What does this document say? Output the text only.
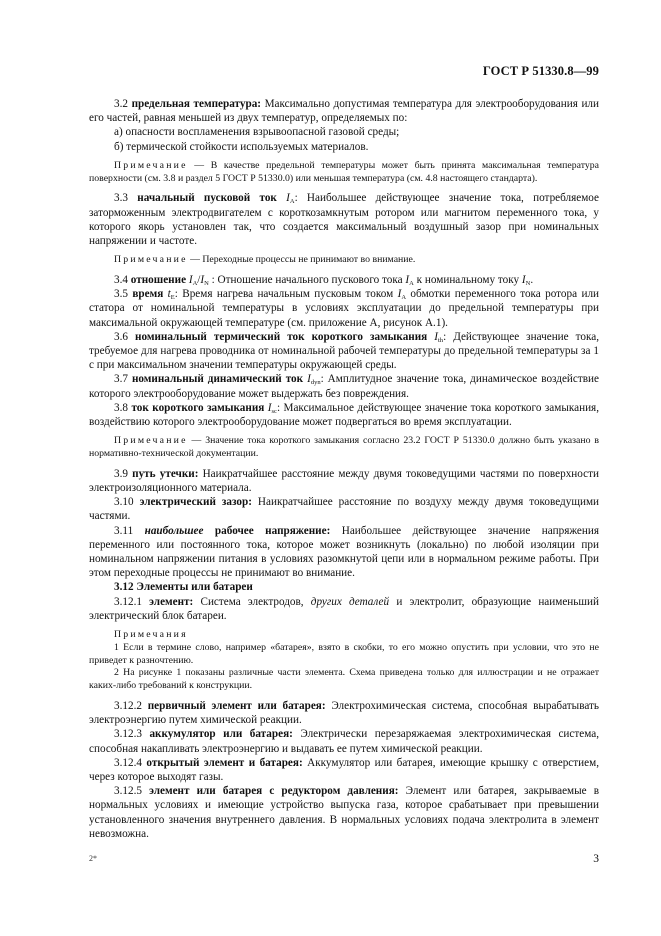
ГОСТ Р 51330.8—99

3.2 предельная температура: Максимально допустимая температура для электрооборудования или его частей, равная меньшей из двух температур, определяемых по:

а) опасности воспламенения взрывоопасной газовой среды;

б) термической стойкости используемых материалов.

Примечание — В качестве предельной температуры может быть принята максимальная температура поверхности (см. 3.8 и раздел 5 ГОСТ Р 51330.0) или меньшая температура (см. 4.8 настоящего стандарта).

3.3 начальный пусковой ток $I_A$: Наибольшее действующее значение тока, потребляемое заторможенным электродвигателем с короткозамкнутым ротором или магнитом переменного тока, у которого якорь установлен так, что создается максимальный воздушный зазор при номинальных напряжении и частоте.

Примечание — Переходные процессы не принимают во внимание.

3.4 отношение $I_A/I_N$ : Отношение начального пускового тока $I_A$ к номинальному току $I_N$.

3.5 время $t_E$: Время нагрева начальным пусковым током $I_A$ обмотки переменного тока ротора или статора от номинальной температуры в условиях эксплуатации до предельной температуры при максимальной окружающей температуре (см. приложение А, рисунок А.1).

3.6 номинальный термический ток короткого замыкания $I_{th}$: Действующее значение тока, требуемое для нагрева проводника от номинальной рабочей температуры до предельной температуры за 1 с при максимальном значении температуры окружающей среды.

3.7 номинальный динамический ток $I_{dyn}$: Амплитудное значение тока, динамическое воздействие которого электрооборудование может выдержать без повреждения.

3.8 ток короткого замыкания $I_{sc}$: Максимальное действующее значение тока короткого замыкания, воздействию которого электрооборудование может подвергаться во время эксплуатации.

Примечание — Значение тока короткого замыкания согласно 23.2 ГОСТ Р 51330.0 должно быть указано в нормативно-технической документации.

3.9 путь утечки: Наикратчайшее расстояние между двумя токоведущими частями по поверхности электроизоляционного материала.

3.10 электрический зазор: Наикратчайшее расстояние по воздуху между двумя токоведущими частями.

3.11 наибольшее рабочее напряжение: Наибольшее действующее значение напряжения переменного или постоянного тока, которое может возникнуть (локально) по любой изоляции при номинальном напряжении питания в условиях разомкнутой цепи или в нормальном режиме работы. При этом переходные процессы не принимают во внимание.

3.12 Элементы или батареи

3.12.1 элемент: Система электродов, других деталей и электролит, образующие наименьший электрический блок батареи.

Примечания

1 Если в термине слово, например «батарея», взято в скобки, то его можно опустить при условии, что это не приведет к разночтению.

2 На рисунке 1 показаны различные части элемента. Схема приведена только для иллюстрации и не отражает каких-либо требований к конструкции.

3.12.2 первичный элемент или батарея: Электрохимическая система, способная вырабатывать электроэнергию путем химической реакции.

3.12.3 аккумулятор или батарея: Электрически перезаряжаемая электрохимическая система, способная накапливать электроэнергию и выдавать ее путем химической реакции.

3.12.4 открытый элемент и батарея: Аккумулятор или батарея, имеющие крышку с отверстием, через которое выходят газы.

3.12.5 элемент или батарея с редуктором давления: Элемент или батарея, закрываемые в нормальных условиях и имеющие устройство выпуска газа, которое срабатывает при превышении установленного значения внутреннего давления. В нормальных условиях подача электролита в элемент невозможна.

2*	3
